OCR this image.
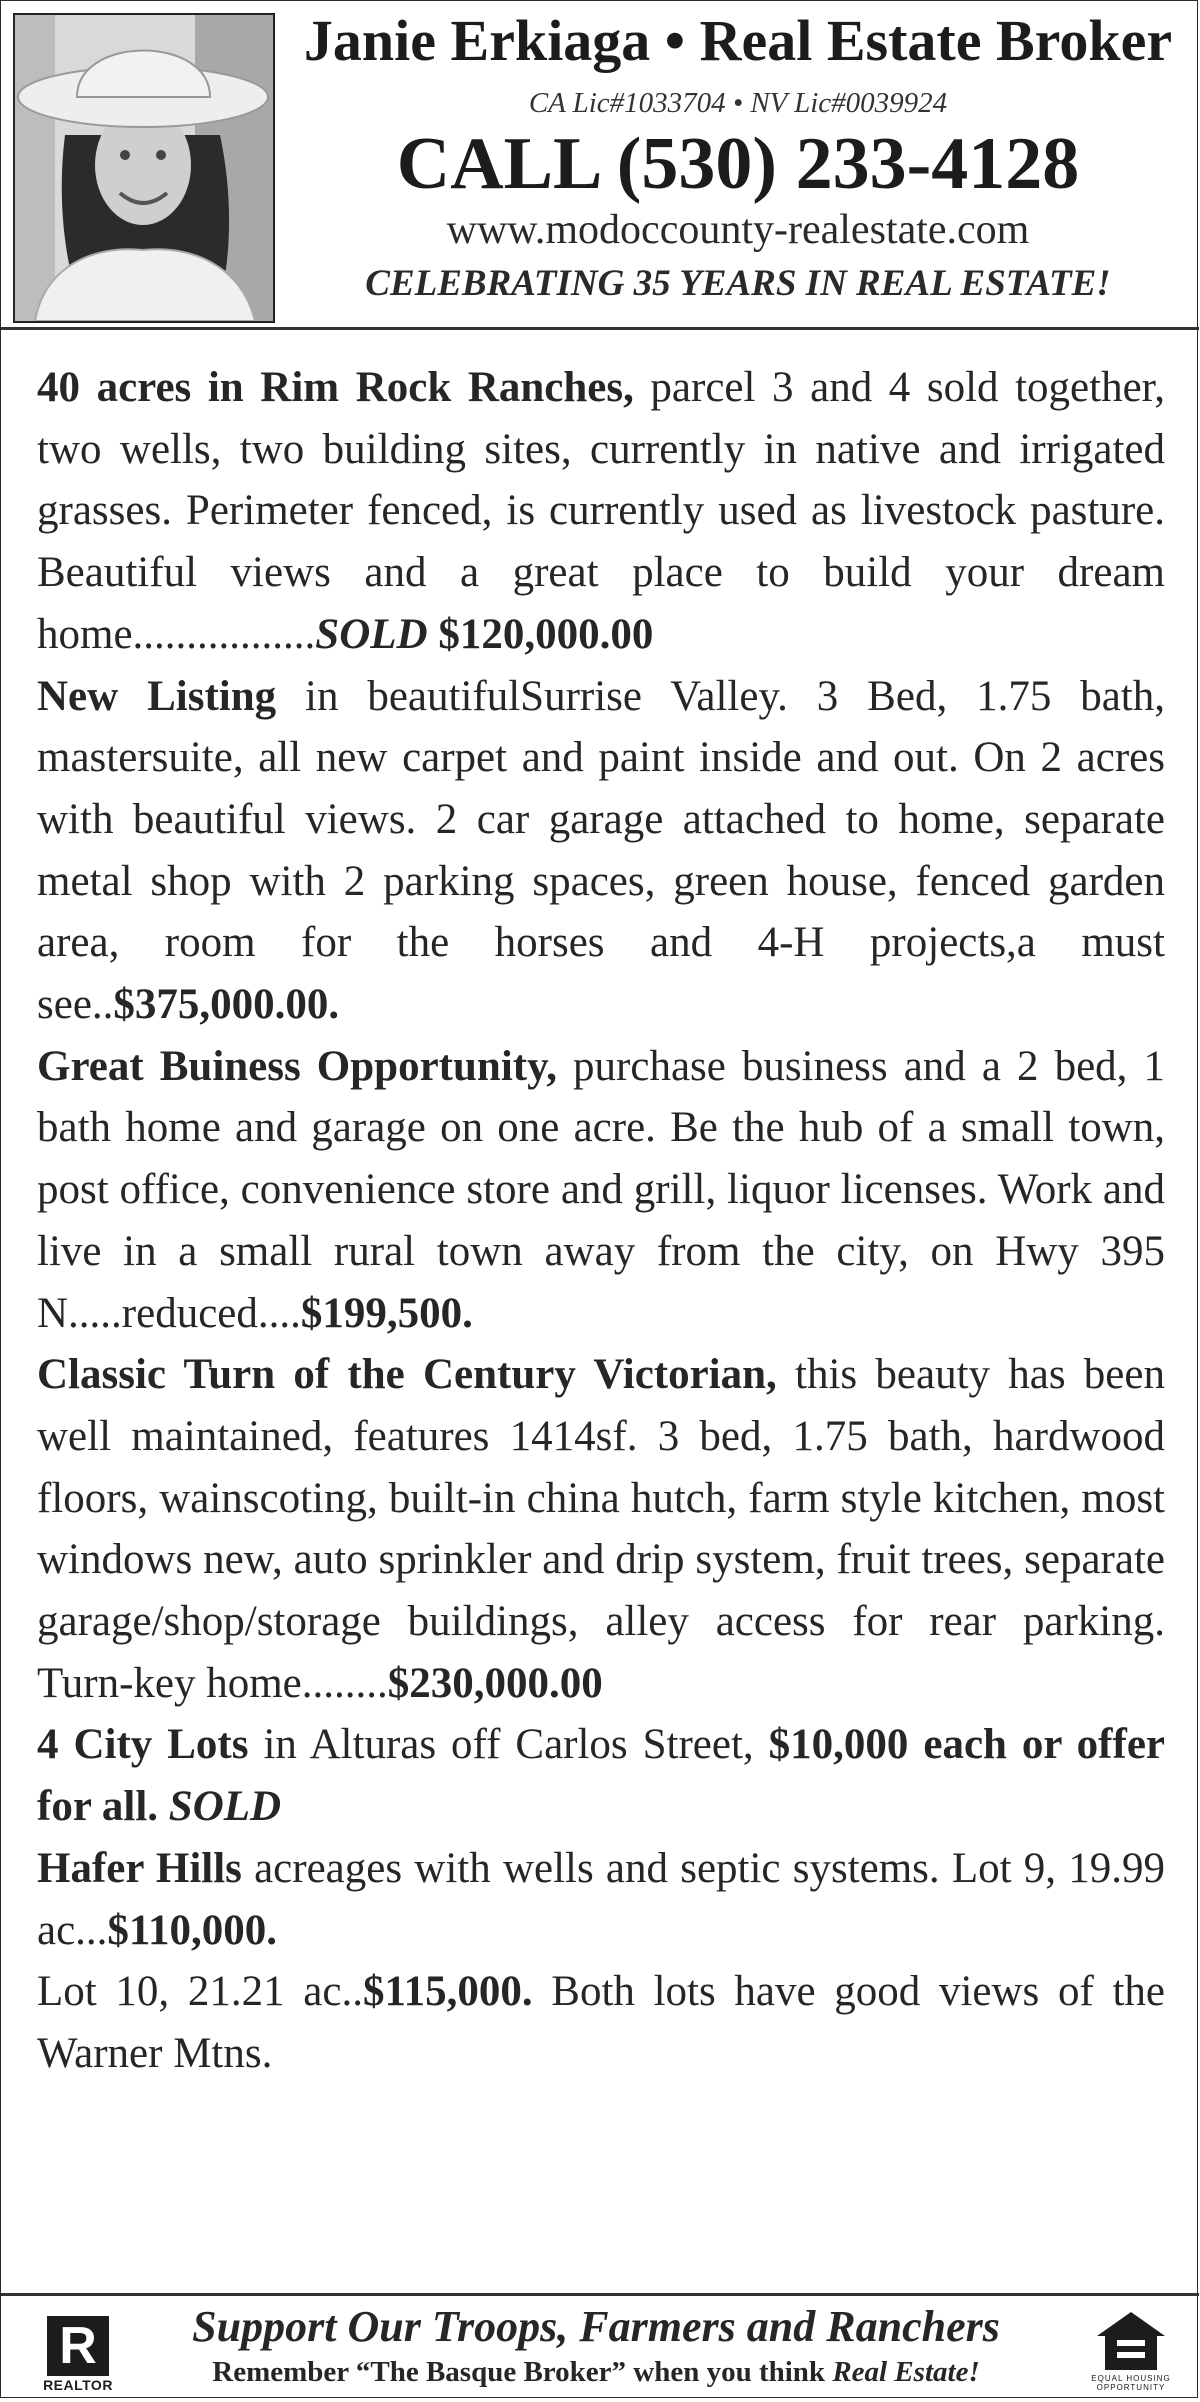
Janie Erkiaga • Real Estate Broker
CA Lic#1033704 • NV Lic#0039924
CALL (530) 233-4128
www.modoccounty-realestate.com
CELEBRATING 35 YEARS IN REAL ESTATE!

40 acres in Rim Rock Ranches, parcel 3 and 4 sold together, two wells, two building sites, currently in native and irrigated grasses. Perimeter fenced, is currently used as livestock pasture. Beautiful views and a great place to build your dream home.................SOLD $120,000.00

New Listing in beautifulSurrise Valley. 3 Bed, 1.75 bath, mastersuite, all new carpet and paint inside and out. On 2 acres with beautiful views. 2 car garage attached to home, separate metal shop with 2 parking spaces, green house, fenced garden area, room for the horses and 4-H projects,a must see..$375,000.00.

Great Buiness Opportunity, purchase business and a 2 bed, 1 bath home and garage on one acre. Be the hub of a small town, post office, convenience store and grill, liquor licenses. Work and live in a small rural town away from the city, on Hwy 395 N.....reduced....$199,500.

Classic Turn of the Century Victorian, this beauty has been well maintained, features 1414sf. 3 bed, 1.75 bath, hardwood floors, wainscoting, built-in china hutch, farm style kitchen, most windows new, auto sprinkler and drip system, fruit trees, separate garage/shop/storage buildings, alley access for rear parking. Turn-key home........$230,000.00

4 City Lots in Alturas off Carlos Street, $10,000 each or offer for all. SOLD

Hafer Hills acreages with wells and septic systems. Lot 9, 19.99 ac...$110,000.

Lot 10, 21.21 ac..$115,000. Both lots have good views of the Warner Mtns.

R
REALTOR
Support Our Troops, Farmers and Ranchers
Remember “The Basque Broker” when you think Real Estate!	EQUAL HOUSING OPPORTUNITY
